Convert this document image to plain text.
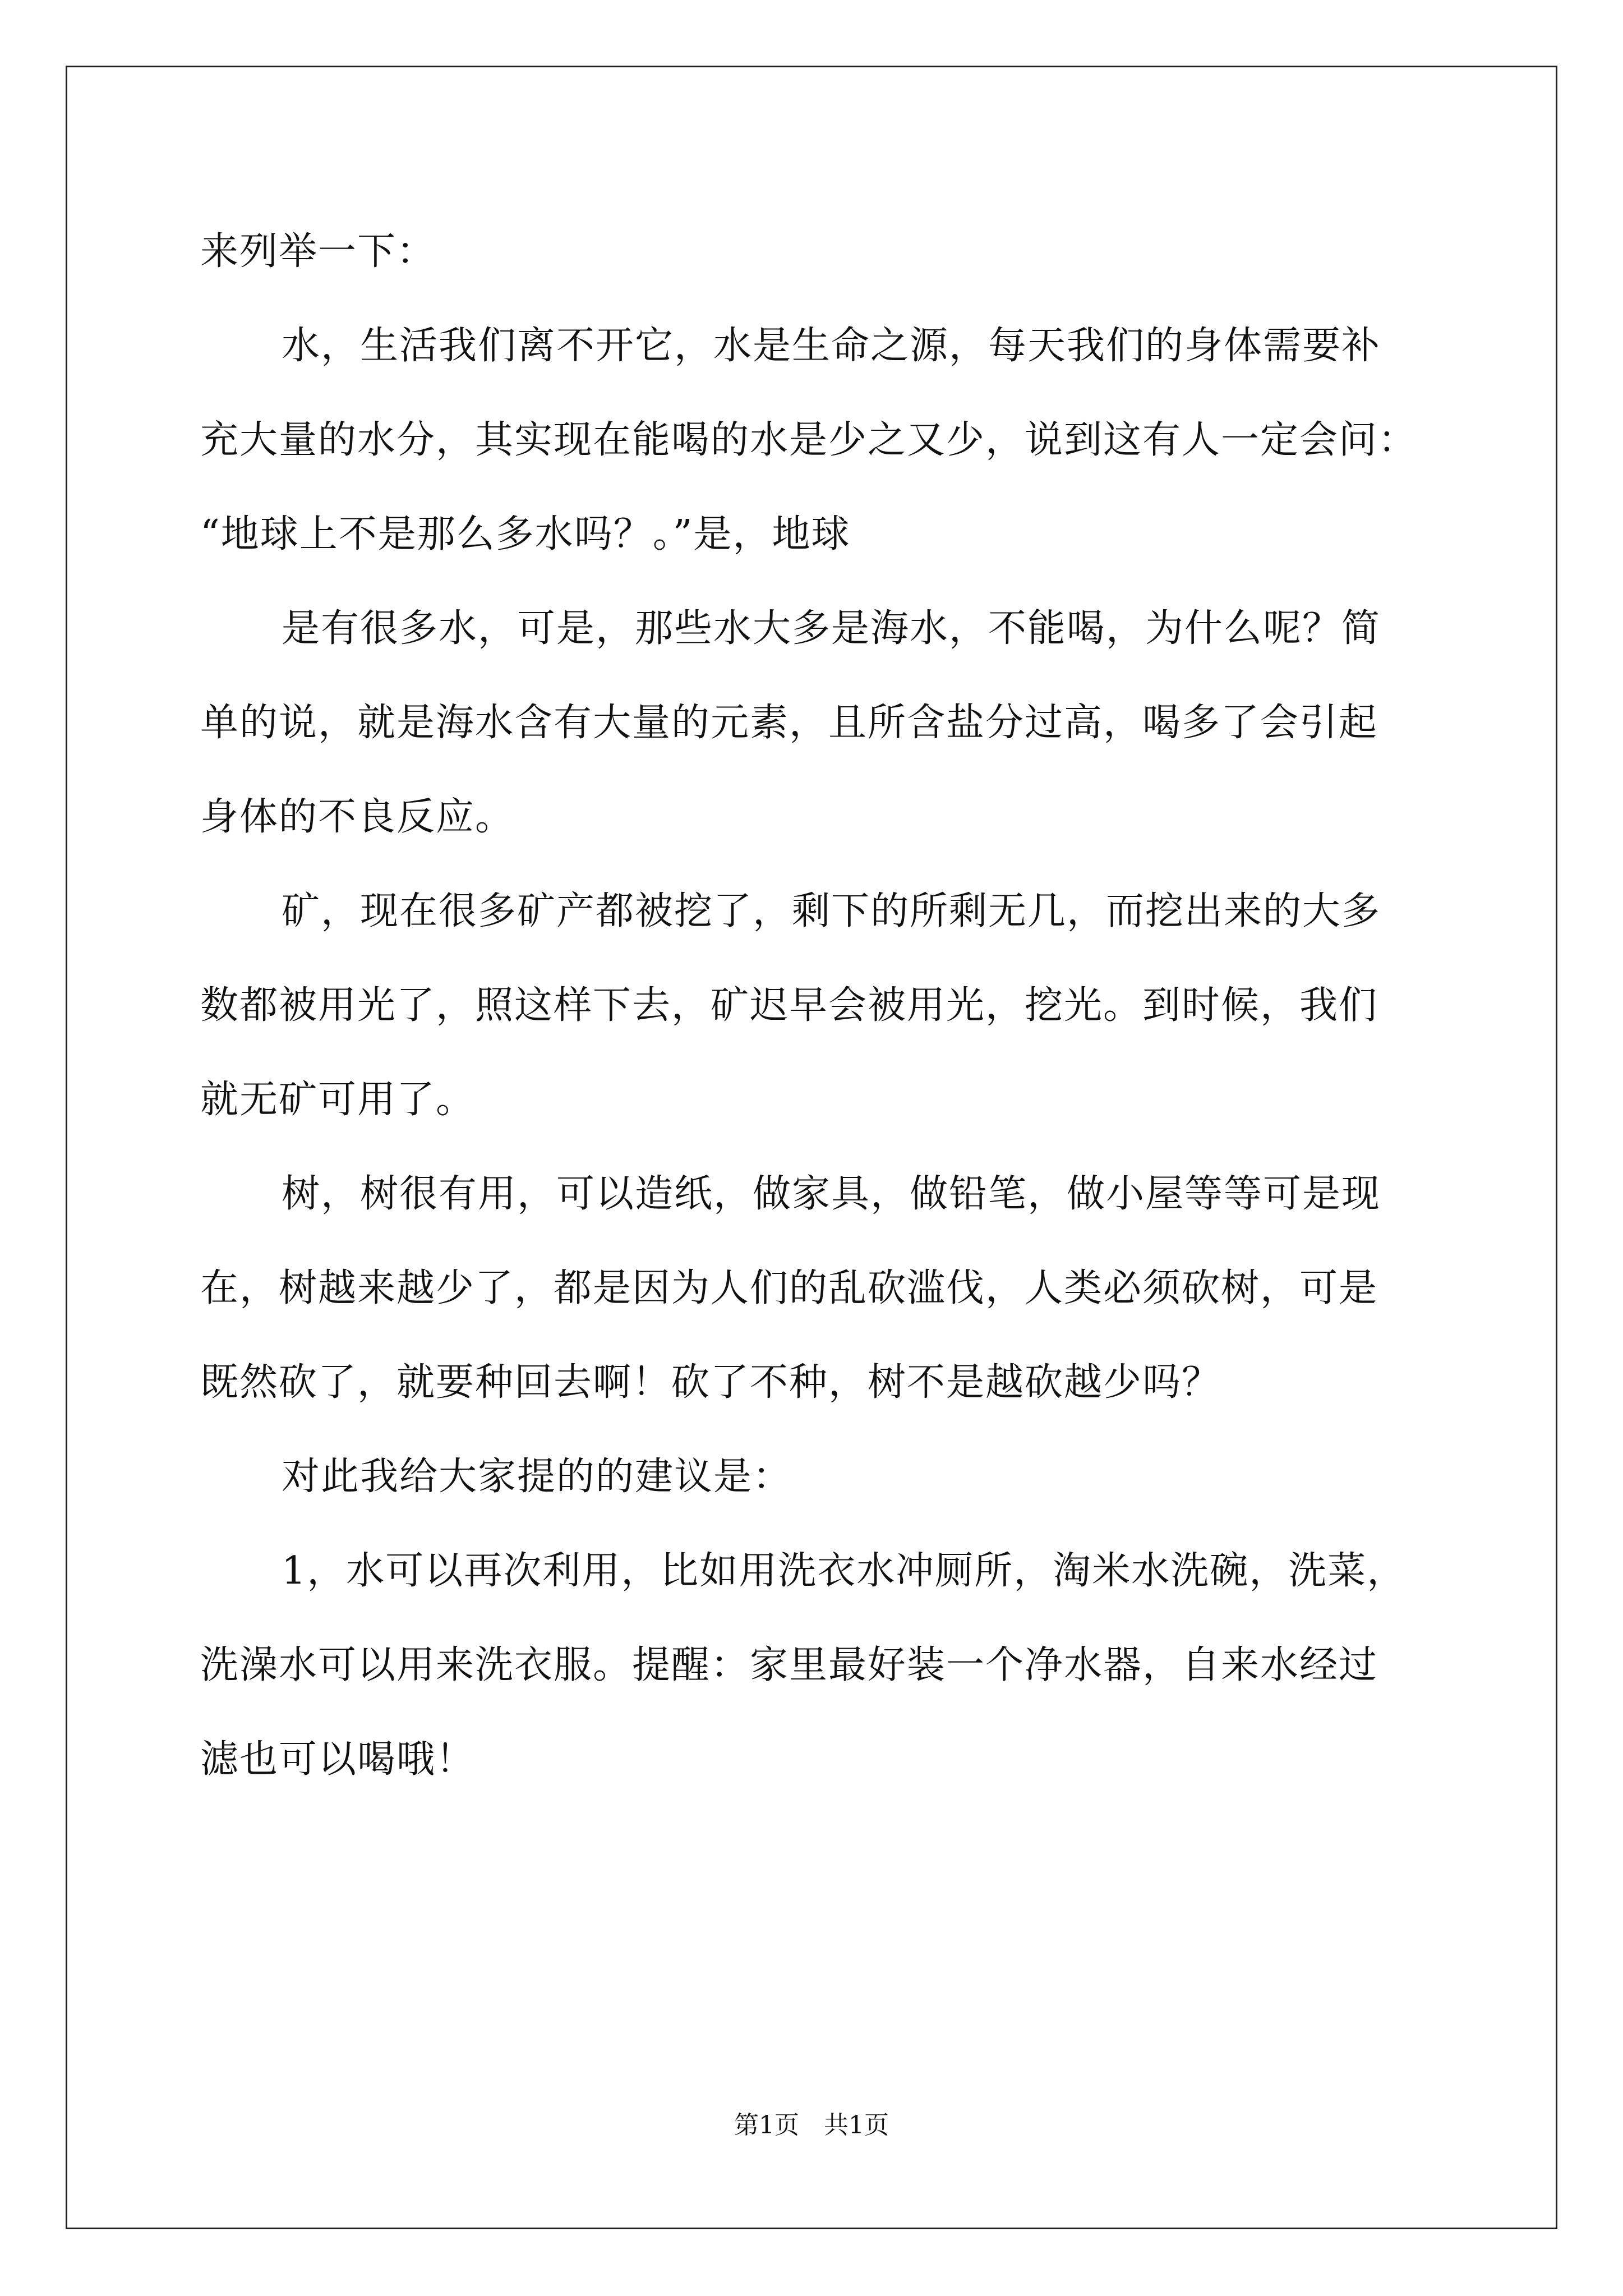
来列举一下：
水，生活我们离不开它，水是生命之源，每天我们的身体需要补
充大量的水分，其实现在能喝的水是少之又少，说到这有人一定会问：
“地球上不是那么多水吗？。”是，地球
是有很多水，可是，那些水大多是海水，不能喝，为什么呢？简
单的说，就是海水含有大量的元素，且所含盐分过高，喝多了会引起
身体的不良反应。
矿，现在很多矿产都被挖了，剩下的所剩无几，而挖出来的大多
数都被用光了，照这样下去，矿迟早会被用光，挖光。到时候，我们
就无矿可用了。
树，树很有用，可以造纸，做家具，做铅笔，做小屋等等可是现
在，树越来越少了，都是因为人们的乱砍滥伐，人类必须砍树，可是
既然砍了，就要种回去啊！砍了不种，树不是越砍越少吗？
对此我给大家提的的建议是：
1，水可以再次利用，比如用洗衣水冲厕所，淘米水洗碗，洗菜，
洗澡水可以用来洗衣服。提醒：家里最好装一个净水器，自来水经过
滤也可以喝哦！
第1页　共1页
